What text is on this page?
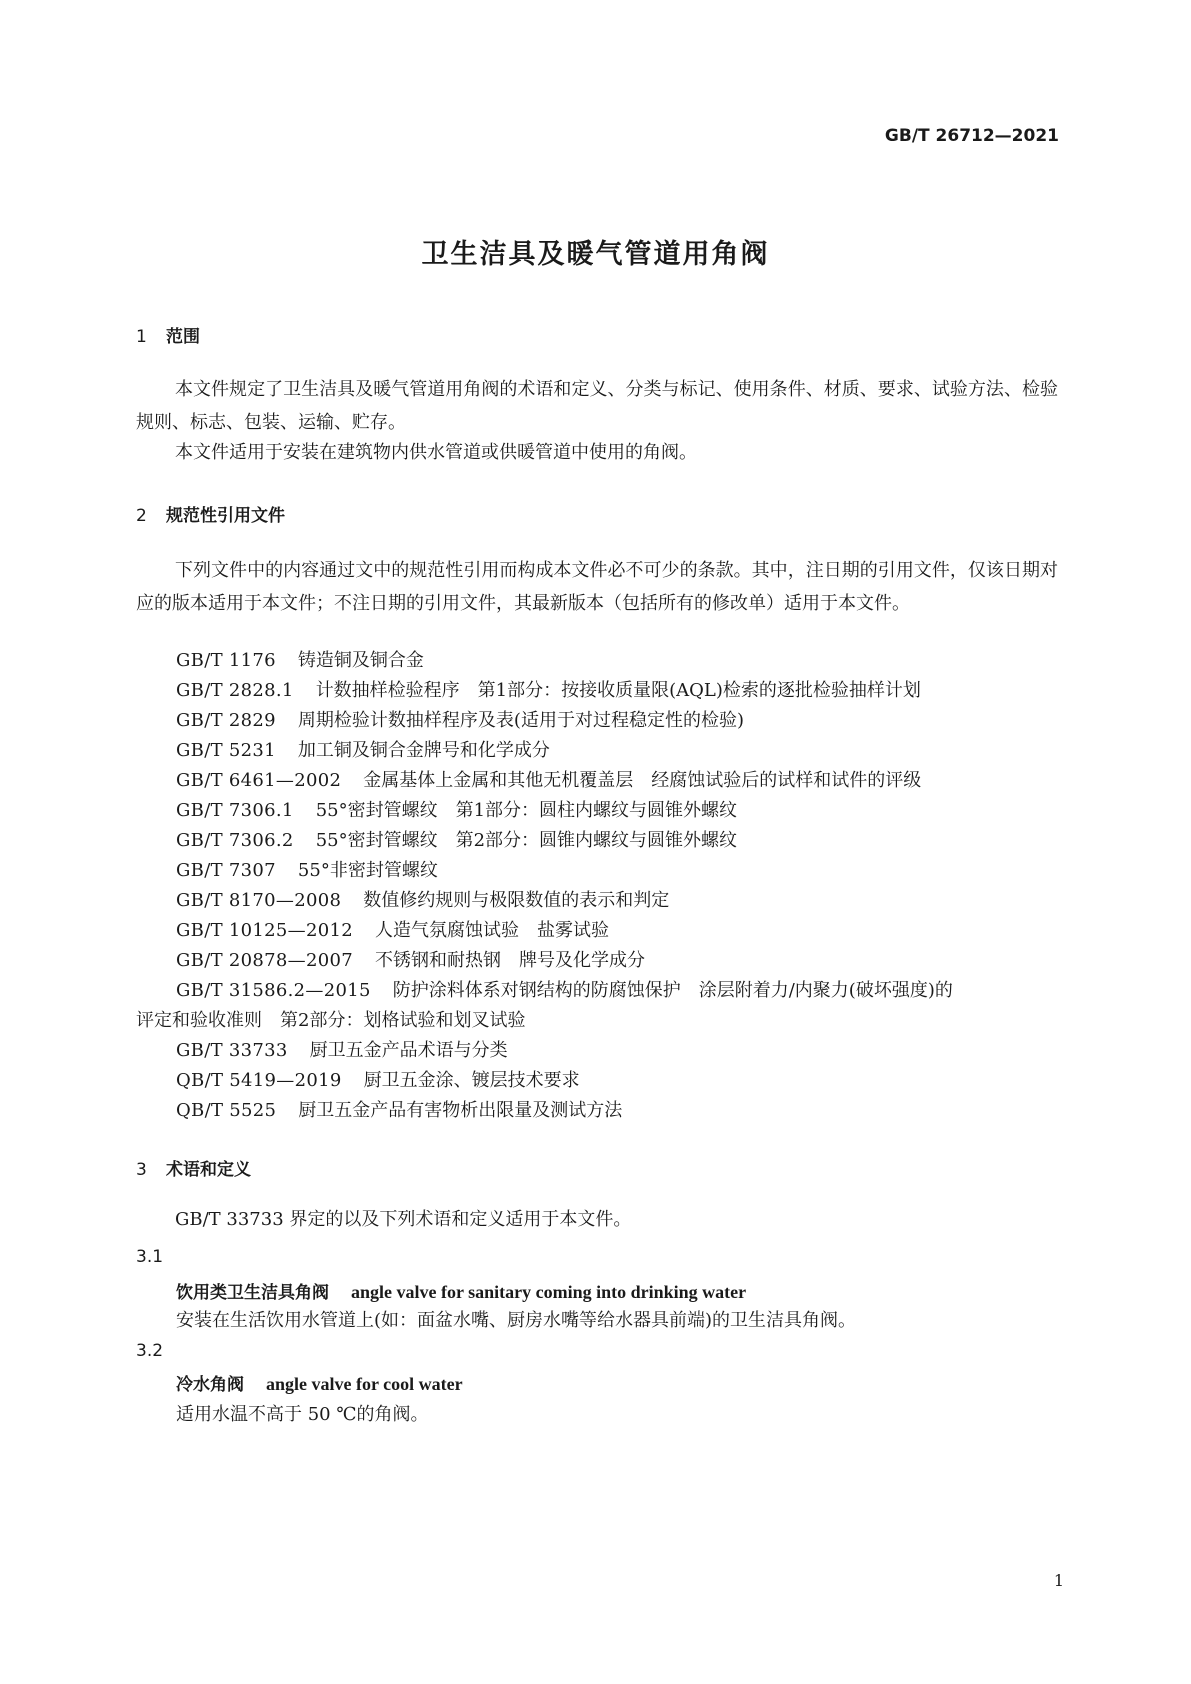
GB/T 26712—2021
卫生洁具及暖气管道用角阀
1 范围
本文件规定了卫生洁具及暖气管道用角阀的术语和定义、分类与标记、使用条件、材质、要求、试验方法、检验规则、标志、包装、运输、贮存。
本文件适用于安装在建筑物内供水管道或供暖管道中使用的角阀。
2 规范性引用文件
下列文件中的内容通过文中的规范性引用而构成本文件必不可少的条款。其中，注日期的引用文件，仅该日期对应的版本适用于本文件；不注日期的引用文件，其最新版本（包括所有的修改单）适用于本文件。
GB/T 1176 铸造铜及铜合金
GB/T 2828.1 计数抽样检验程序　第1部分：按接收质量限(AQL)检索的逐批检验抽样计划
GB/T 2829 周期检验计数抽样程序及表(适用于对过程稳定性的检验)
GB/T 5231 加工铜及铜合金牌号和化学成分
GB/T 6461—2002 金属基体上金属和其他无机覆盖层　经腐蚀试验后的试样和试件的评级
GB/T 7306.1 55°密封管螺纹　第1部分：圆柱内螺纹与圆锥外螺纹
GB/T 7306.2 55°密封管螺纹　第2部分：圆锥内螺纹与圆锥外螺纹
GB/T 7307 55°非密封管螺纹
GB/T 8170—2008 数值修约规则与极限数值的表示和判定
GB/T 10125—2012 人造气氛腐蚀试验　盐雾试验
GB/T 20878—2007 不锈钢和耐热钢　牌号及化学成分
GB/T 31586.2—2015 防护涂料体系对钢结构的防腐蚀保护　涂层附着力/内聚力(破坏强度)的
评定和验收准则　第2部分：划格试验和划叉试验
GB/T 33733 厨卫五金产品术语与分类
QB/T 5419—2019 厨卫五金涂、镀层技术要求
QB/T 5525 厨卫五金产品有害物析出限量及测试方法
3 术语和定义
GB/T 33733 界定的以及下列术语和定义适用于本文件。
3.1
饮用类卫生洁具角阀 angle valve for sanitary coming into drinking water
安装在生活饮用水管道上(如：面盆水嘴、厨房水嘴等给水器具前端)的卫生洁具角阀。
3.2
冷水角阀 angle valve for cool water
适用水温不高于 50 ℃的角阀。
1
